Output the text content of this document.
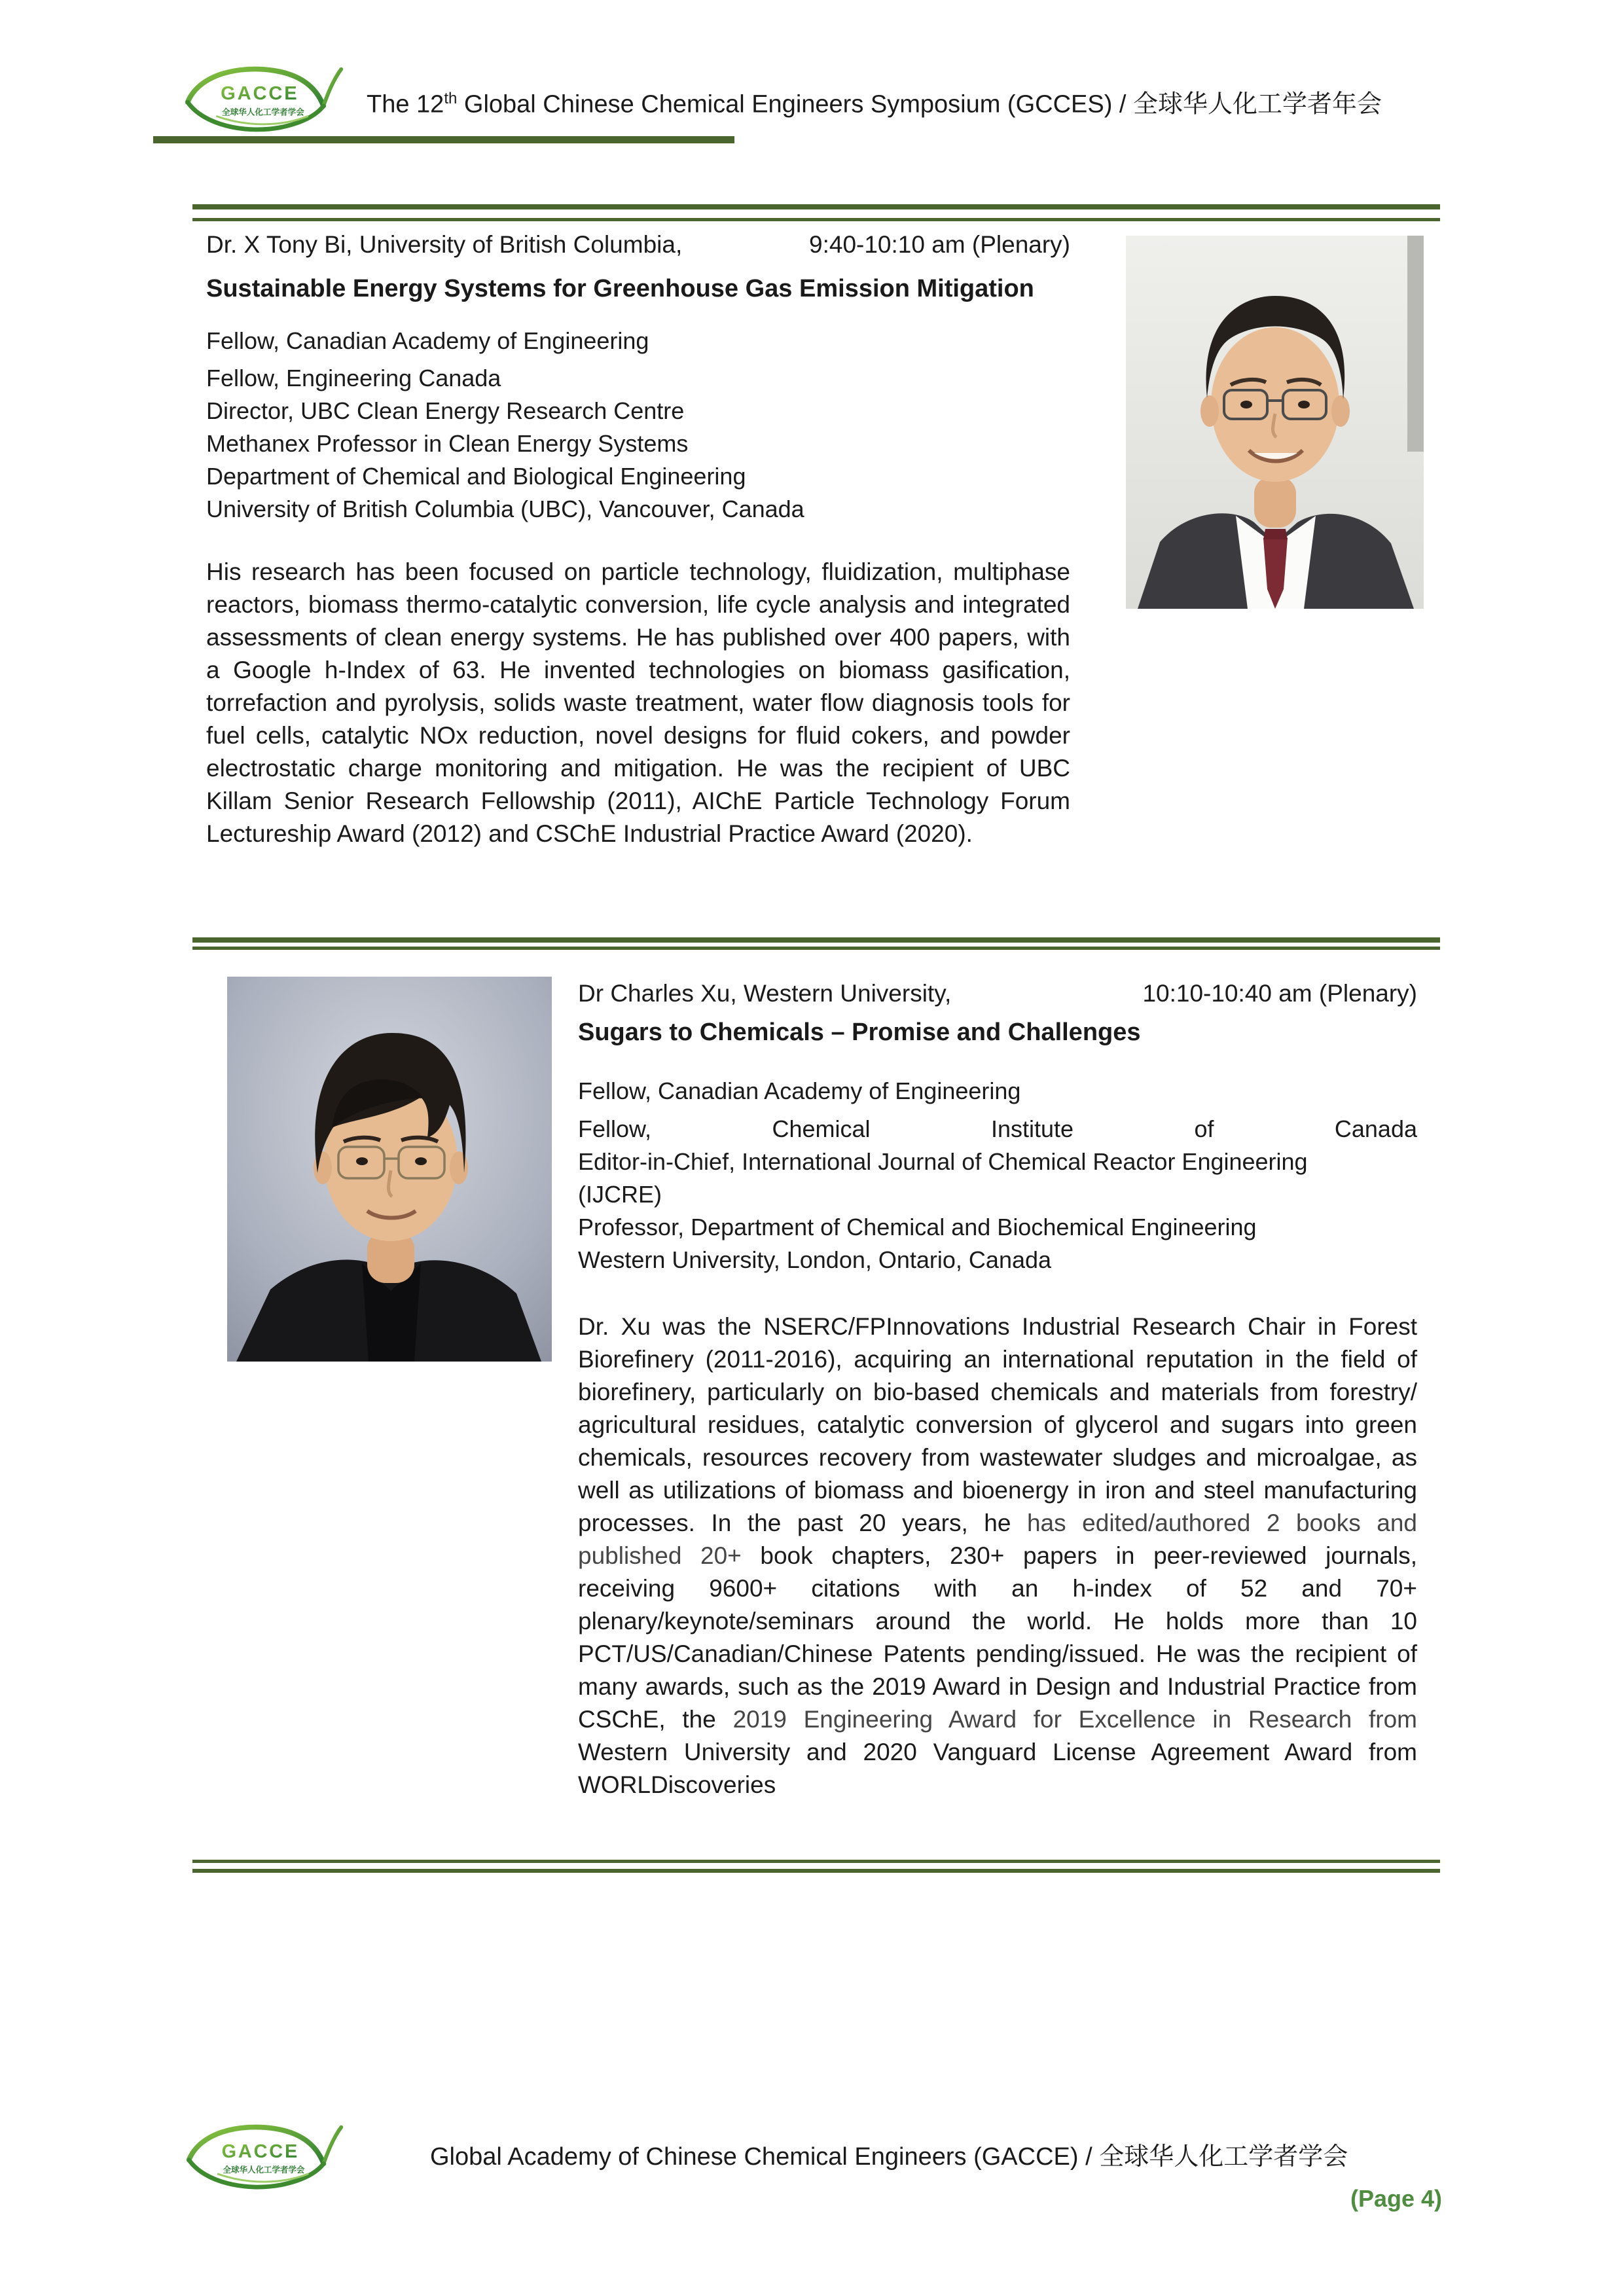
GACCE
全球华人化工学者学会	The 12th Global Chinese Chemical Engineers Symposium (GCCES) / 全球华人化工学者年会
Dr. X Tony Bi, University of British Columbia,	9:40-10:10 am (Plenary)
Sustainable Energy Systems for Greenhouse Gas Emission Mitigation
Fellow, Canadian Academy of Engineering
Fellow, Engineering Canada
Director, UBC Clean Energy Research Centre
Methanex Professor in Clean Energy Systems
Department of Chemical and Biological Engineering
University of British Columbia (UBC), Vancouver, Canada
His research has been focused on particle technology, fluidization, multiphase reactors, biomass thermo-catalytic conversion, life cycle analysis and integrated assessments of clean energy systems. He has published over 400 papers, with a Google h-Index of 63. He invented technologies on biomass gasification, torrefaction and pyrolysis, solids waste treatment, water flow diagnosis tools for fuel cells, catalytic NOx reduction, novel designs for fluid cokers, and powder electrostatic charge monitoring and mitigation. He was the recipient of UBC Killam Senior Research Fellowship (2011), AIChE Particle Technology Forum Lectureship Award (2012) and CSChE Industrial Practice Award (2020).
Dr Charles Xu, Western University,	10:10-10:40 am (Plenary)
Sugars to Chemicals – Promise and Challenges
Fellow, Canadian Academy of Engineering
Fellow, Chemical Institute of Canada
Editor-in-Chief, International Journal of Chemical Reactor Engineering
(IJCRE)
Professor, Department of Chemical and Biochemical Engineering
Western University, London, Ontario, Canada
Dr. Xu was the NSERC/FPInnovations Industrial Research Chair in Forest Biorefinery (2011-2016), acquiring an international reputation in the field of biorefinery, particularly on bio-based chemicals and materials from forestry/ agricultural residues, catalytic conversion of glycerol and sugars into green chemicals, resources recovery from wastewater sludges and microalgae, as well as utilizations of biomass and bioenergy in iron and steel manufacturing processes. In the past 20 years, he has edited/authored 2 books and published 20+ book chapters, 230+ papers in peer-reviewed journals, receiving 9600+ citations with an h-index of 52 and 70+ plenary/keynote/seminars around the world. He holds more than 10 PCT/US/Canadian/Chinese Patents pending/issued. He was the recipient of many awards, such as the 2019 Award in Design and Industrial Practice from CSChE, the 2019 Engineering Award for Excellence in Research from Western University and 2020 Vanguard License Agreement Award from WORLDiscoveries
GACCE
全球华人化工学者学会	Global Academy of Chinese Chemical Engineers (GACCE) / 全球华人化工学者学会
(Page 4)
